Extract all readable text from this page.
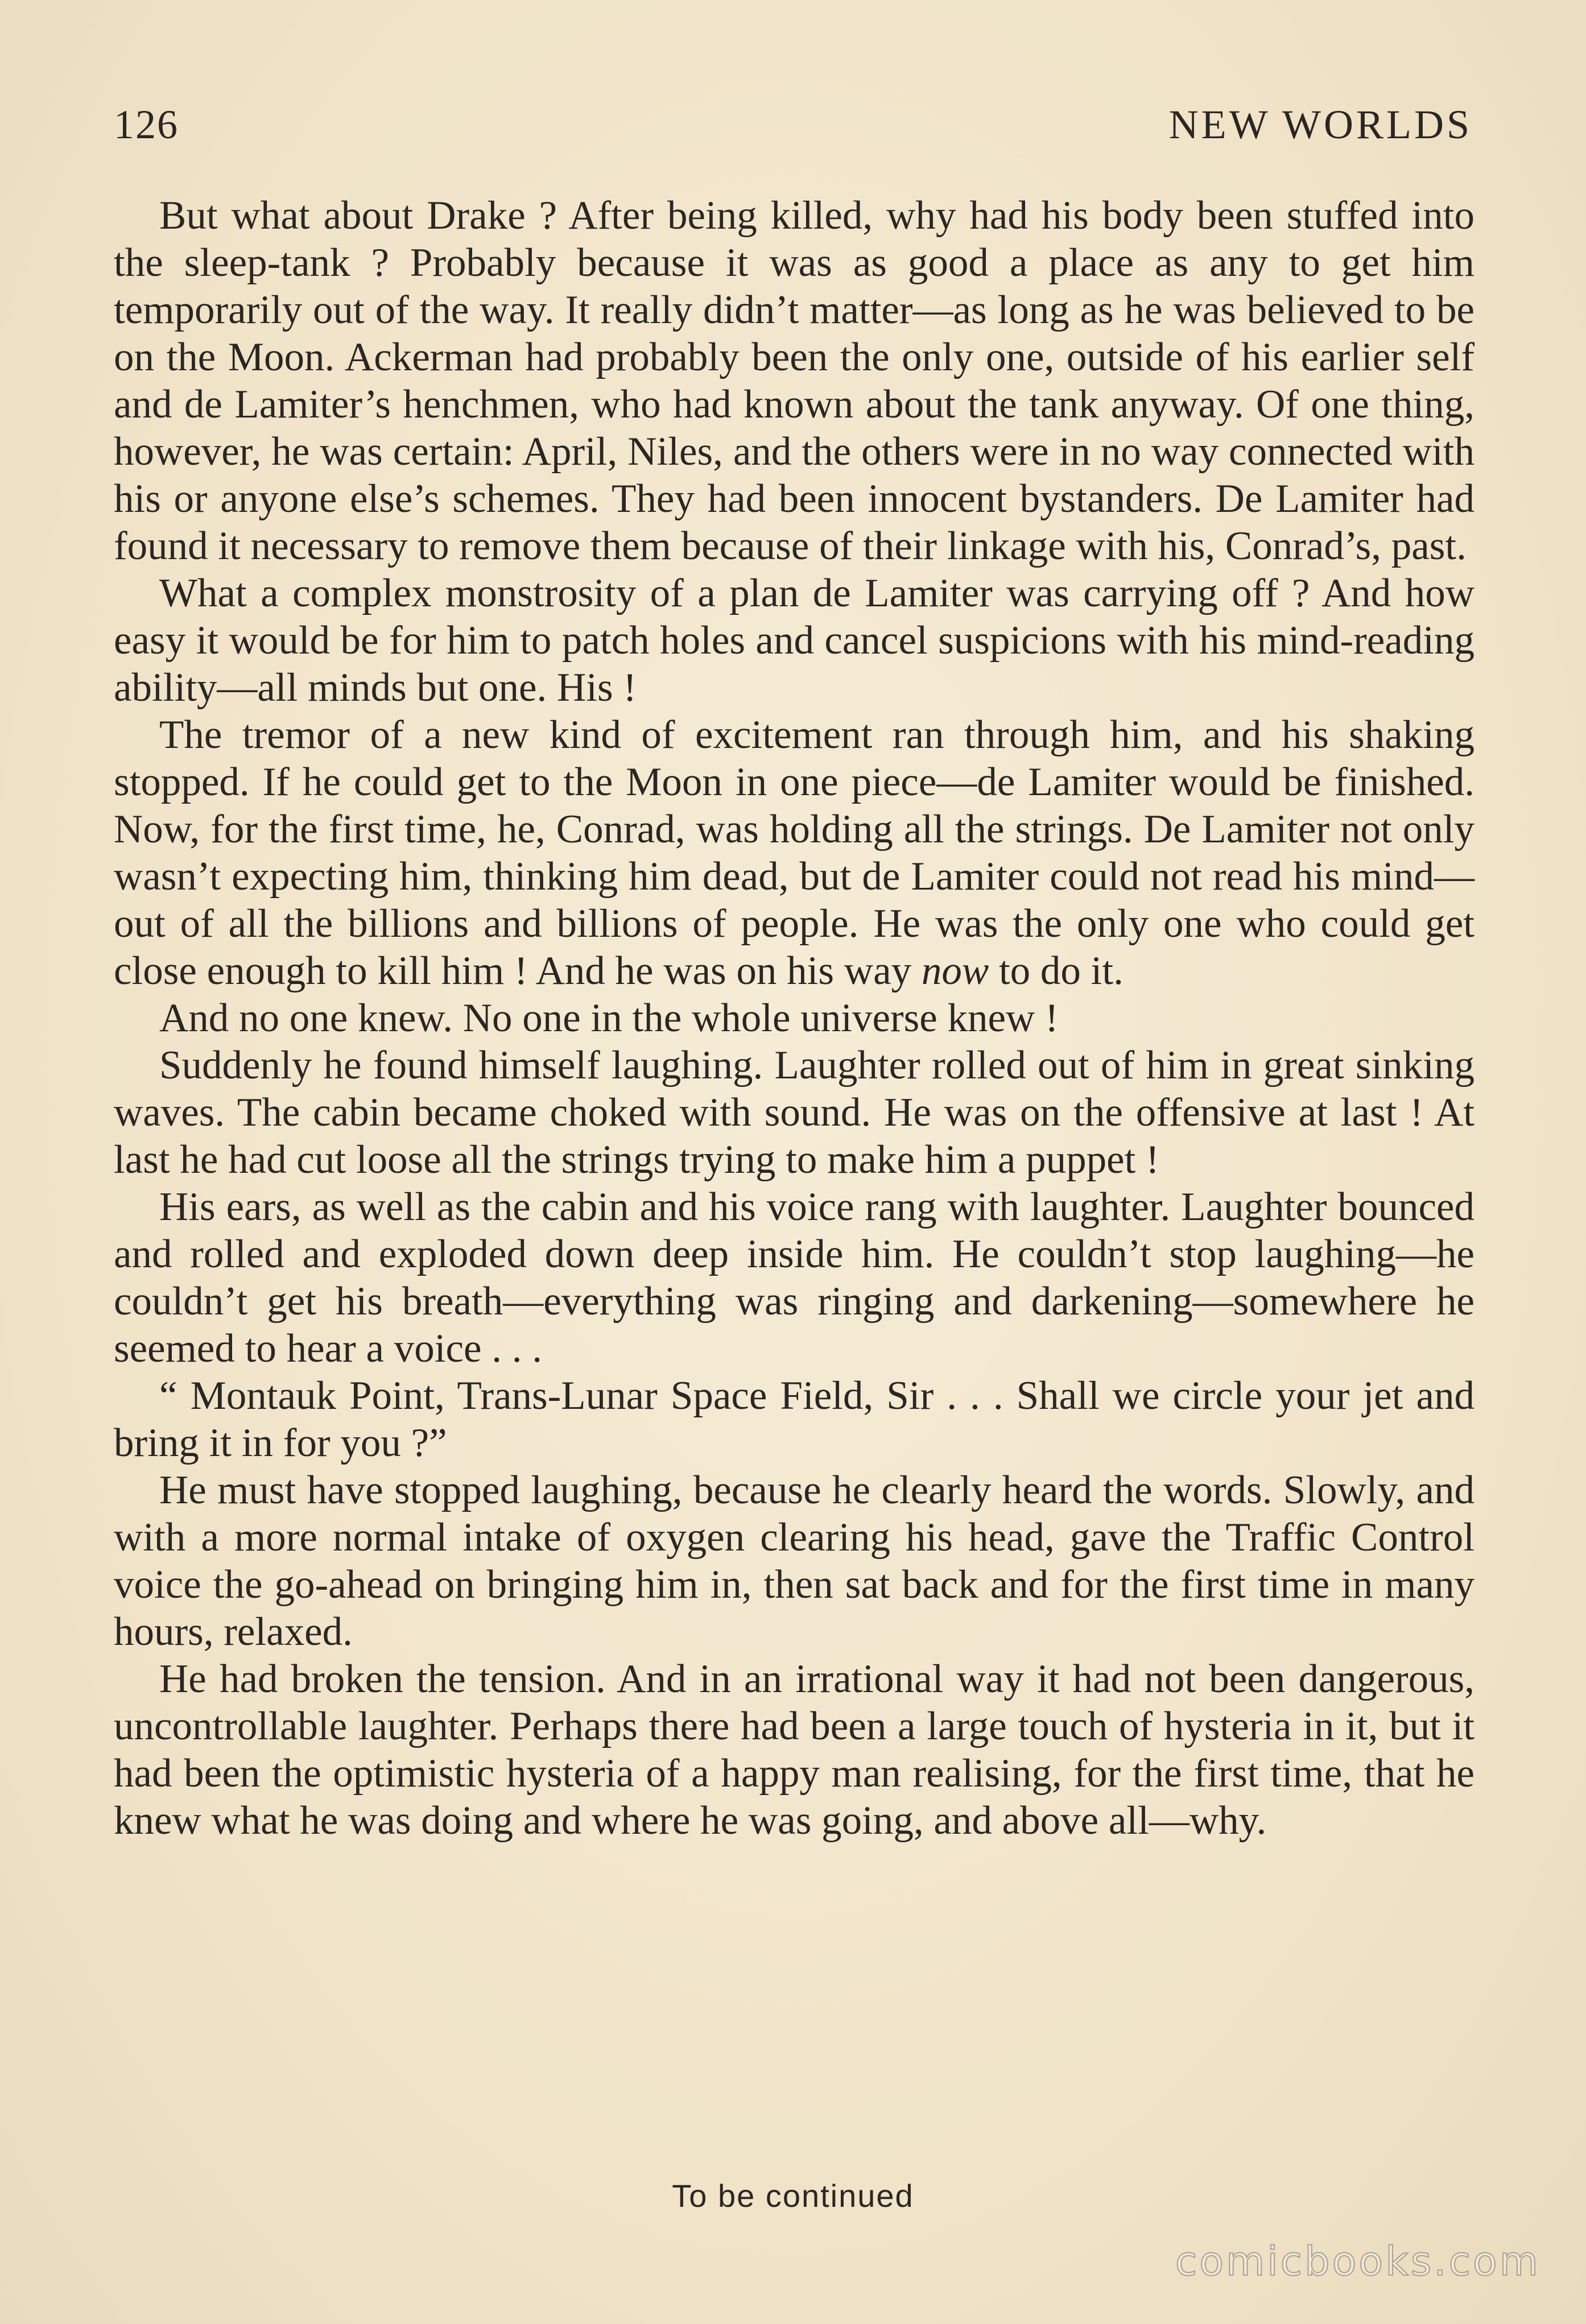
126	NEW WORLDS

But what about Drake ? After being killed, why had his body been stuffed into the sleep-tank ? Probably because it was as good a place as any to get him temporarily out of the way. It really didn’t matter—as long as he was believed to be on the Moon. Ackerman had probably been the only one, outside of his earlier self and de Lamiter’s henchmen, who had known about the tank anyway. Of one thing, however, he was certain: April, Niles, and the others were in no way connected with his or anyone else’s schemes. They had been innocent bystanders. De Lamiter had found it necessary to remove them because of their linkage with his, Conrad’s, past.

What a complex monstrosity of a plan de Lamiter was carrying off ? And how easy it would be for him to patch holes and cancel suspicions with his mind-reading ability—all minds but one. His !

The tremor of a new kind of excitement ran through him, and his shaking stopped. If he could get to the Moon in one piece—de Lamiter would be finished. Now, for the first time, he, Conrad, was holding all the strings. De Lamiter not only wasn’t expecting him, thinking him dead, but de Lamiter could not read his mind—out of all the billions and billions of people. He was the only one who could get close enough to kill him ! And he was on his way now to do it.

And no one knew. No one in the whole universe knew !

Suddenly he found himself laughing. Laughter rolled out of him in great sinking waves. The cabin became choked with sound. He was on the offensive at last ! At last he had cut loose all the strings trying to make him a puppet !

His ears, as well as the cabin and his voice rang with laughter. Laughter bounced and rolled and exploded down deep inside him. He couldn’t stop laughing—he couldn’t get his breath—everything was ringing and darkening—somewhere he seemed to hear a voice . . .

“ Montauk Point, Trans-Lunar Space Field, Sir . . . Shall we circle your jet and bring it in for you ?”

He must have stopped laughing, because he clearly heard the words. Slowly, and with a more normal intake of oxygen clearing his head, gave the Traffic Control voice the go-ahead on bringing him in, then sat back and for the first time in many hours, relaxed.

He had broken the tension. And in an irrational way it had not been dangerous, uncontrollable laughter. Perhaps there had been a large touch of hysteria in it, but it had been the optimistic hysteria of a happy man realising, for the first time, that he knew what he was doing and where he was going, and above all—why.

To be continued
comicbooks.com
